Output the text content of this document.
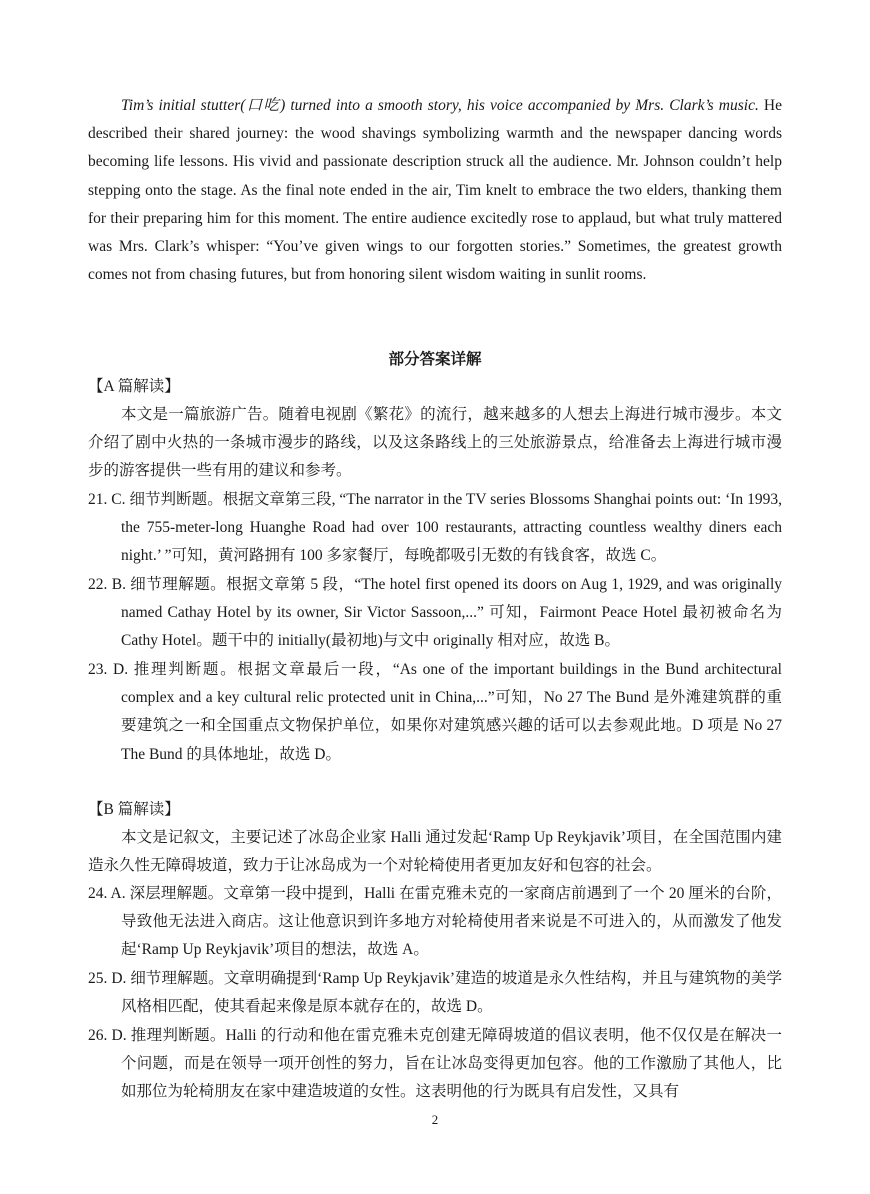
Tim’s initial stutter(口吃) turned into a smooth story, his voice accompanied by Mrs. Clark’s music. He described their shared journey: the wood shavings symbolizing warmth and the newspaper dancing words becoming life lessons. His vivid and passionate description struck all the audience. Mr. Johnson couldn’t help stepping onto the stage. As the final note ended in the air, Tim knelt to embrace the two elders, thanking them for their preparing him for this moment. The entire audience excitedly rose to applaud, but what truly mattered was Mrs. Clark’s whisper: “You’ve given wings to our forgotten stories.” Sometimes, the greatest growth comes not from chasing futures, but from honoring silent wisdom waiting in sunlit rooms.

部分答案详解
【A 篇解读】

本文是一篇旅游广告。随着电视剧《繁花》的流行，越来越多的人想去上海进行城市漫步。本文介绍了剧中火热的一条城市漫步的路线，以及这条路线上的三处旅游景点，给准备去上海进行城市漫步的游客提供一些有用的建议和参考。

21. C. 细节判断题。根据文章第三段, “The narrator in the TV series Blossoms Shanghai points out: ‘In 1993, the 755-meter-long Huanghe Road had over 100 restaurants, attracting countless wealthy diners each night.’ ”可知，黄河路拥有 100 多家餐厅，每晚都吸引无数的有钱食客，故选 C。

22. B. 细节理解题。根据文章第 5 段，“The hotel first opened its doors on Aug 1, 1929, and was originally named Cathay Hotel by its owner, Sir Victor Sassoon,...” 可知，Fairmont Peace Hotel 最初被命名为 Cathy Hotel。题干中的 initially(最初地)与文中 originally 相对应，故选 B。

23. D. 推理判断题。根据文章最后一段，“As one of the important buildings in the Bund architectural complex and a key cultural relic protected unit in China,...”可知，No 27 The Bund 是外滩建筑群的重要建筑之一和全国重点文物保护单位，如果你对建筑感兴趣的话可以去参观此地。D 项是 No 27 The Bund 的具体地址，故选 D。

【B 篇解读】

本文是记叙文，主要记述了冰岛企业家 Halli 通过发起‘Ramp Up Reykjavik’项目，在全国范围内建造永久性无障碍坡道，致力于让冰岛成为一个对轮椅使用者更加友好和包容的社会。

24. A. 深层理解题。文章第一段中提到，Halli 在雷克雅未克的一家商店前遇到了一个 20 厘米的台阶，导致他无法进入商店。这让他意识到许多地方对轮椅使用者来说是不可进入的，从而激发了他发起‘Ramp Up Reykjavik’项目的想法，故选 A。

25. D. 细节理解题。文章明确提到‘Ramp Up Reykjavik’建造的坡道是永久性结构，并且与建筑物的美学风格相匹配，使其看起来像是原本就存在的，故选 D。

26. D. 推理判断题。Halli 的行动和他在雷克雅未克创建无障碍坡道的倡议表明，他不仅仅是在解决一个问题，而是在领导一项开创性的努力，旨在让冰岛变得更加包容。他的工作激励了其他人，比如那位为轮椅朋友在家中建造坡道的女性。这表明他的行为既具有启发性，又具有

2
